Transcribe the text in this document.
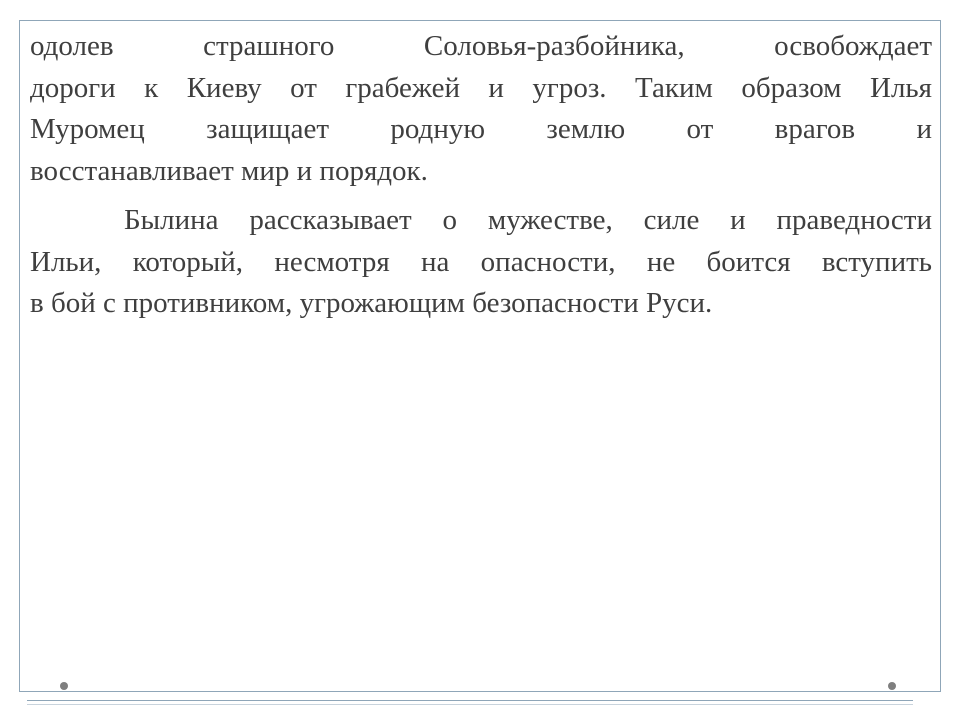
одолев страшного Соловья-разбойника, освобождает
дороги к Киеву от грабежей и угроз. Таким образом Илья
Муромец защищает родную землю от врагов и
восстанавливает мир и порядок.
Былина рассказывает о мужестве, силе и праведности
Ильи, который, несмотря на опасности, не боится вступить
в бой с противником, угрожающим безопасности Руси.
